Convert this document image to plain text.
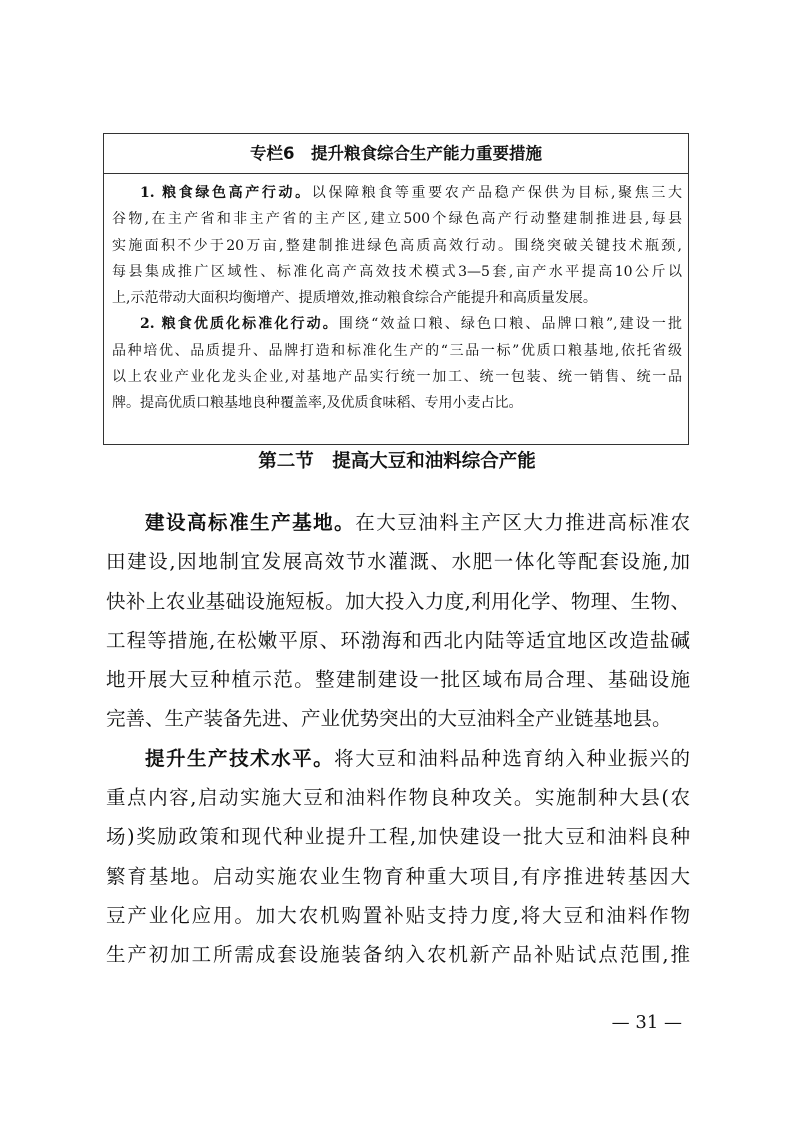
专栏6　提升粮食综合生产能力重要措施
1. 粮食绿色高产行动。以保障粮食等重要农产品稳产保供为目标,聚焦三大
谷物,在主产省和非主产省的主产区,建立500个绿色高产行动整建制推进县,每县
实施面积不少于20万亩,整建制推进绿色高质高效行动。围绕突破关键技术瓶颈,
每县集成推广区域性、标准化高产高效技术模式3—5套,亩产水平提高10公斤以
上,示范带动大面积均衡增产、提质增效,推动粮食综合产能提升和高质量发展。
2. 粮食优质化标准化行动。围绕“效益口粮、绿色口粮、品牌口粮”,建设一批
品种培优、品质提升、品牌打造和标准化生产的“三品一标”优质口粮基地,依托省级
以上农业产业化龙头企业,对基地产品实行统一加工、统一包装、统一销售、统一品
牌。提高优质口粮基地良种覆盖率,及优质食味稻、专用小麦占比。
第二节　提高大豆和油料综合产能
建设高标准生产基地。在大豆油料主产区大力推进高标准农
田建设,因地制宜发展高效节水灌溉、水肥一体化等配套设施,加
快补上农业基础设施短板。加大投入力度,利用化学、物理、生物、
工程等措施,在松嫩平原、环渤海和西北内陆等适宜地区改造盐碱
地开展大豆种植示范。整建制建设一批区域布局合理、基础设施
完善、生产装备先进、产业优势突出的大豆油料全产业链基地县。
提升生产技术水平。将大豆和油料品种选育纳入种业振兴的
重点内容,启动实施大豆和油料作物良种攻关。实施制种大县(农
场)奖励政策和现代种业提升工程,加快建设一批大豆和油料良种
繁育基地。启动实施农业生物育种重大项目,有序推进转基因大
豆产业化应用。加大农机购置补贴支持力度,将大豆和油料作物
生产初加工所需成套设施装备纳入农机新产品补贴试点范围,推
— 31 —
